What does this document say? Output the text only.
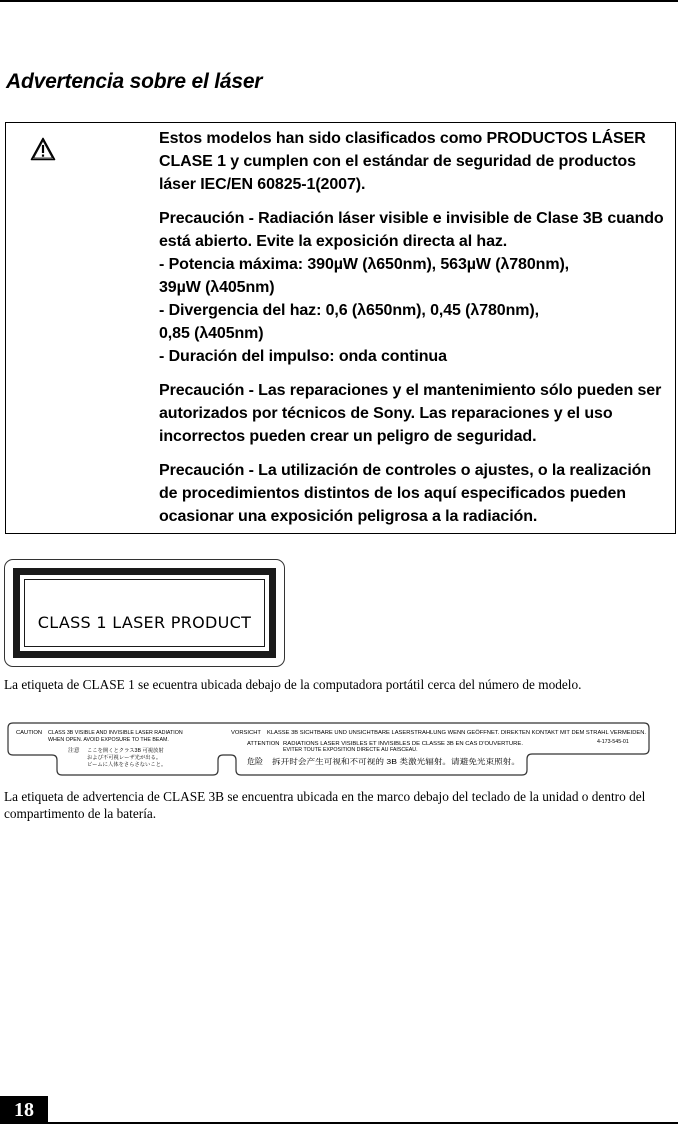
Advertencia sobre el láser

Estos modelos han sido clasificados como PRODUCTOS LÁSER
CLASE 1 y cumplen con el estándar de seguridad de productos
láser IEC/EN 60825-1(2007).

Precaución - Radiación láser visible e invisible de Clase 3B cuando
está abierto. Evite la exposición directa al haz.
- Potencia máxima: 390µW (λ650nm), 563µW (λ780nm),
39µW (λ405nm)
- Divergencia del haz: 0,6 (λ650nm), 0,45 (λ780nm),
0,85 (λ405nm)
- Duración del impulso: onda continua

Precaución - Las reparaciones y el mantenimiento sólo pueden ser
autorizados por técnicos de Sony. Las reparaciones y el uso
incorrectos pueden crear un peligro de seguridad.

Precaución - La utilización de controles o ajustes, o la realización
de procedimientos distintos de los aquí especificados pueden
ocasionar una exposición peligrosa a la radiación.

CLASS 1 LASER PRODUCT

La etiqueta de CLASE 1 se ecuentra ubicada debajo de la computadora portátil cerca del número de modelo.

CAUTION CLASS 3B VISIBLE AND INVISIBLE LASER RADIATION
WHEN OPEN. AVOID EXPOSURE TO THE BEAM.
注意 ここを開くとクラス3B 可視放射
および不可視レーザ光が出る。
ビームに人体をさらさないこと。
VORSICHT KLASSE 3B SICHTBARE UND UNSICHTBARE LASERSTRAHLUNG WENN GEÖFFNET. DIREKTEN KONTAKT MIT DEM STRAHL VERMEIDEN.
4-173-545-01
ATTENTION RADIATIONS LASER VISIBLES ET INVISIBLES DE CLASSE 3B EN CAS D'OUVERTURE.
EVITER TOUTE EXPOSITION DIRECTE AU FAISCEAU.
危险 拆开时会产生可视和不可视的 3B 类激光辐射。请避免光束照射。

La etiqueta de advertencia de CLASE 3B se encuentra ubicada en the marco debajo del teclado de la unidad o dentro del compartimento de la batería.

18
